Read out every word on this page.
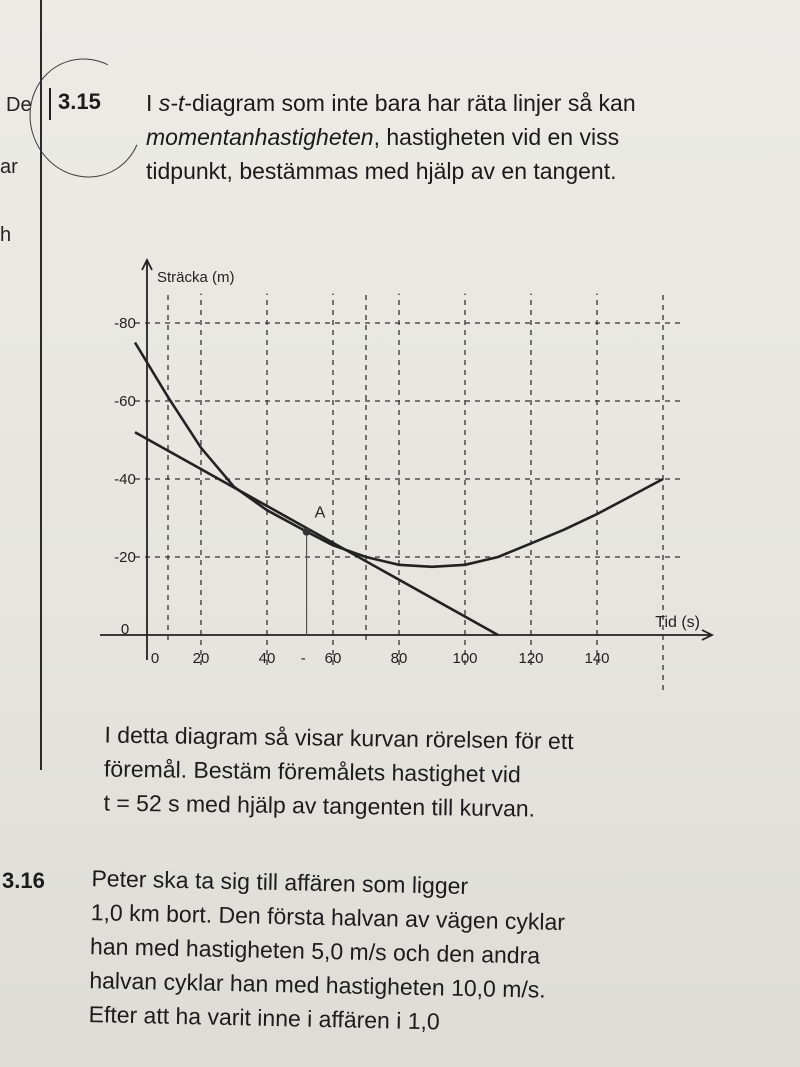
De
ar
h
3.15 I s-t-diagram som inte bara har räta linjer så kan
momentanhastigheten, hastigheten vid en viss
tidpunkt, bestämmas med hjälp av en tangent.
0 20	40	60	80	100	120	140
0
-20
-40
-60
-80
-
Sträcka (m)
Tid (s)
A
I detta diagram så visar kurvan rörelsen för ett
föremål. Bestäm föremålets hastighet vid
t = 52 s med hjälp av tangenten till kurvan.
3.16 Peter ska ta sig till affären som ligger
1,0 km bort. Den första halvan av vägen cyklar
han med hastigheten 5,0 m/s och den andra
halvan cyklar han med hastigheten 10,0 m/s.
Efter att ha varit inne i affären i 1,0
